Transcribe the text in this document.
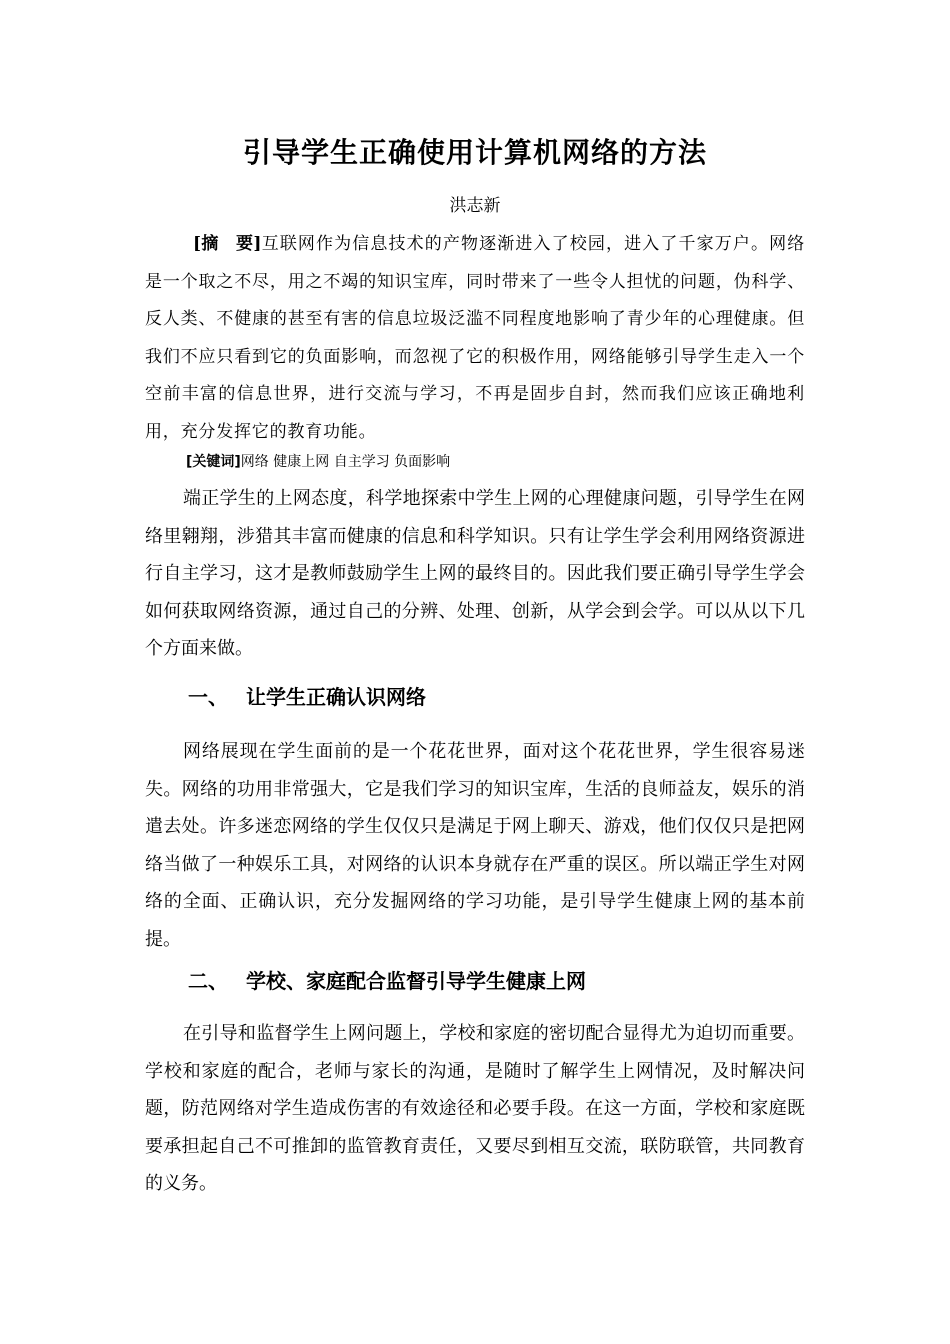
引导学生正确使用计算机网络的方法
洪志新
[摘　要]互联网作为信息技术的产物逐渐进入了校园，进入了千家万户。网络是一个取之不尽，用之不竭的知识宝库，同时带来了一些令人担忧的问题，伪科学、反人类、不健康的甚至有害的信息垃圾泛滥不同程度地影响了青少年的心理健康。但我们不应只看到它的负面影响，而忽视了它的积极作用，网络能够引导学生走入一个空前丰富的信息世界，进行交流与学习，不再是固步自封，然而我们应该正确地利用，充分发挥它的教育功能。
[关键词]网络 健康上网 自主学习 负面影响
端正学生的上网态度，科学地探索中学生上网的心理健康问题，引导学生在网络里翱翔，涉猎其丰富而健康的信息和科学知识。只有让学生学会利用网络资源进行自主学习，这才是教师鼓励学生上网的最终目的。因此我们要正确引导学生学会如何获取网络资源，通过自己的分辨、处理、创新，从学会到会学。可以从以下几个方面来做。
一、 让学生正确认识网络
网络展现在学生面前的是一个花花世界，面对这个花花世界，学生很容易迷失。网络的功用非常强大，它是我们学习的知识宝库，生活的良师益友，娱乐的消遣去处。许多迷恋网络的学生仅仅只是满足于网上聊天、游戏，他们仅仅只是把网络当做了一种娱乐工具，对网络的认识本身就存在严重的误区。所以端正学生对网络的全面、正确认识，充分发掘网络的学习功能，是引导学生健康上网的基本前提。
二、 学校、家庭配合监督引导学生健康上网
在引导和监督学生上网问题上，学校和家庭的密切配合显得尤为迫切而重要。学校和家庭的配合，老师与家长的沟通，是随时了解学生上网情况，及时解决问题，防范网络对学生造成伤害的有效途径和必要手段。在这一方面，学校和家庭既要承担起自己不可推卸的监管教育责任，又要尽到相互交流，联防联管，共同教育的义务。
